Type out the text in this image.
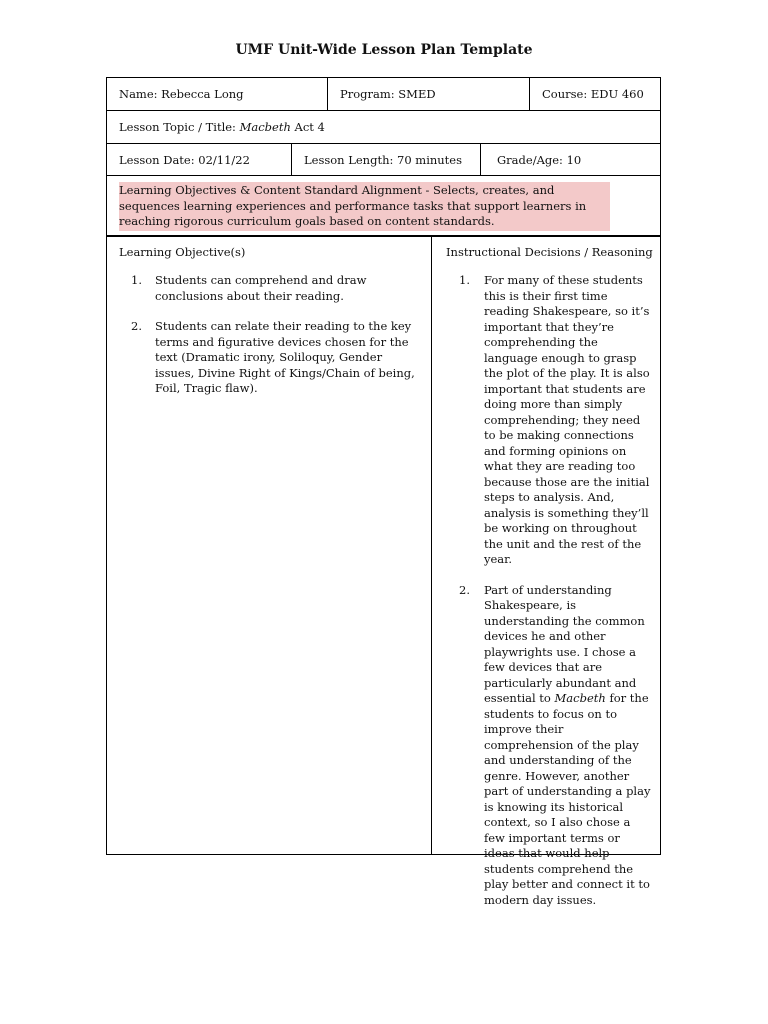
UMF Unit-Wide Lesson Plan Template
Name: Rebecca Long	Program: SMED	Course: EDU 460
Lesson Topic / Title: Macbeth Act 4
Lesson Date: 02/11/22	Lesson Length: 70 minutes	Grade/Age: 10
Learning Objectives & Content Standard Alignment - Selects, creates, and sequences learning experiences and performance tasks that support learners in reaching rigorous curriculum goals based on content standards.
Learning Objective(s)
1.	Students can comprehend and draw conclusions about their reading.
2.	Students can relate their reading to the key terms and figurative devices chosen for the text (Dramatic irony, Soliloquy, Gender issues, Divine Right of Kings/Chain of being, Foil, Tragic flaw).
Instructional Decisions / Reasoning
1.	For many of these students this is their first time reading Shakespeare, so it’s important that they’re comprehending the language enough to grasp the plot of the play. It is also important that students are doing more than simply comprehending; they need to be making connections and forming opinions on what they are reading too because those are the initial steps to analysis. And, analysis is something they’ll be working on throughout the unit and the rest of the year.
2.	Part of understanding Shakespeare, is understanding the common devices he and other playwrights use. I chose a few devices that are particularly abundant and essential to Macbeth for the students to focus on to improve their  comprehension of the play and understanding of the genre. However, another part of understanding a play is knowing its historical context, so I also chose a few important terms or ideas that would help students comprehend the play better and connect it to modern day issues.
